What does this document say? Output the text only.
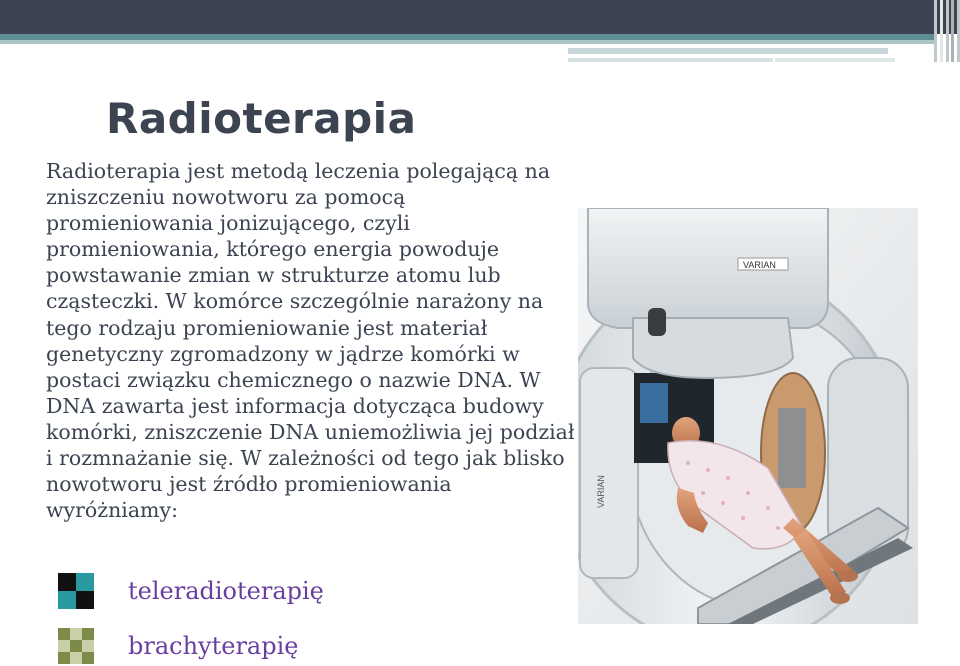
Radioterapia

Radioterapia jest metodą leczenia polegającą na zniszczeniu nowotworu za pomocą promieniowania jonizującego, czyli promieniowania, którego energia powoduje powstawanie zmian w strukturze atomu lub cząsteczki. W komórce szczególnie narażony na tego rodzaju promieniowanie jest materiał genetyczny zgromadzony w jądrze komórki w postaci związku chemicznego o nazwie DNA. W DNA zawarta jest informacja dotycząca budowy komórki, zniszczenie DNA uniemożliwia jej podział i rozmnażanie się. W zależności od tego jak blisko nowotworu jest źródło promieniowania wyróżniamy:

VARIAN
VARIAN
teleradioterapię
brachyterapię
